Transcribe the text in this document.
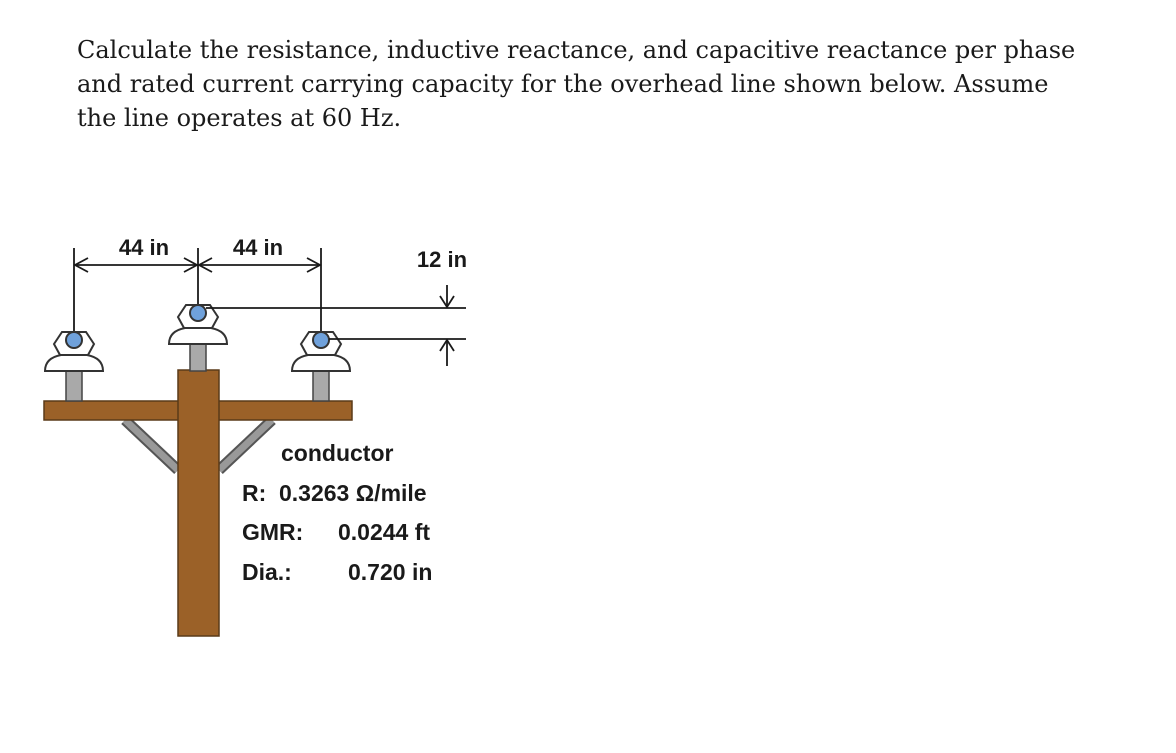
Calculate the resistance, inductive reactance, and capacitive reactance per phase
and rated current carrying capacity for the overhead line shown below. Assume
the line operates at 60 Hz.
44 in	44 in	12 in
conductor
R: 0.3263 Ω/mile
GMR: 0.0244 ft
Dia.: 0.720 in
